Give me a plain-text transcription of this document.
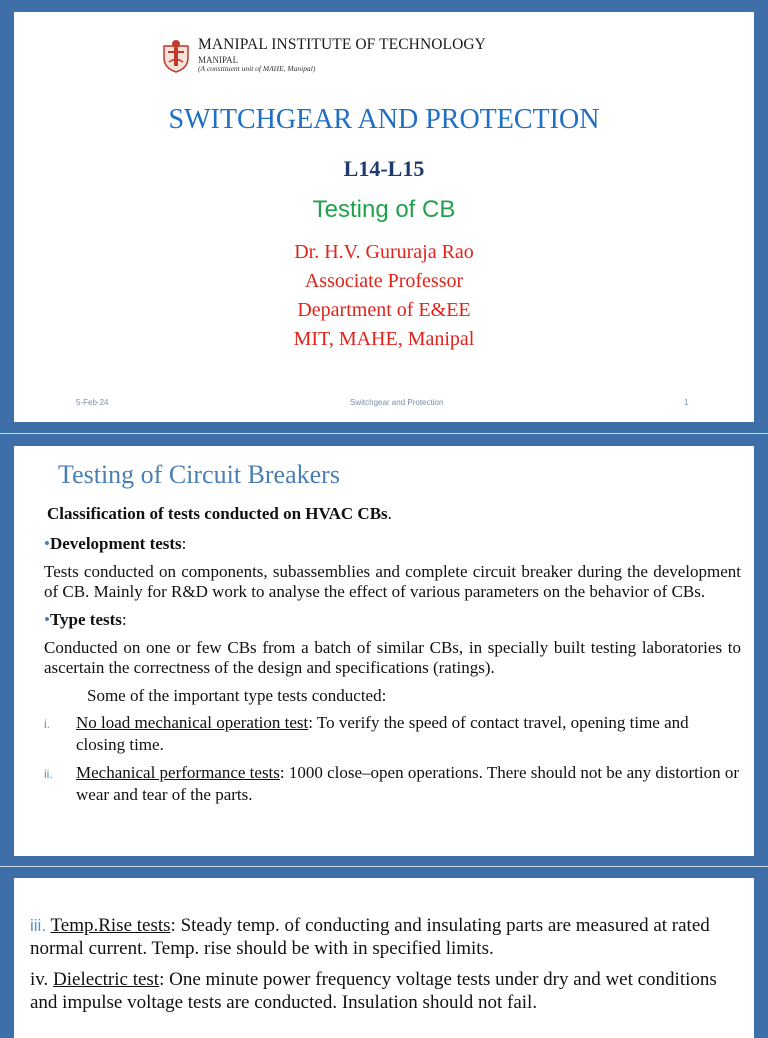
MANIPAL INSTITUTE OF TECHNOLOGY
MANIPAL
(A constituent unit of MAHE, Manipal)
SWITCHGEAR AND PROTECTION
L14-L15
Testing of CB
Dr. H.V. Gururaja Rao
Associate Professor
Department of E&EE
MIT, MAHE, Manipal
5-Feb-24	Switchgear and Protection	1
Testing of Circuit Breakers

Classification of tests conducted on HVAC CBs.

•Development tests:

Tests conducted on components, subassemblies and complete circuit breaker during the development of CB. Mainly for R&D work to analyse the effect of various parameters on the behavior of CBs.

•Type tests:

Conducted on one or few CBs from a batch of similar CBs, in specially built testing laboratories to ascertain the correctness of the design and specifications (ratings).

Some of the important type tests conducted:

i. No load mechanical operation test: To verify the speed of contact travel, opening time and closing time.

ii. Mechanical performance tests: 1000 close–open operations. There should not be any distortion or wear and tear of the parts.

iii. Temp.Rise tests: Steady temp. of conducting and insulating parts are measured at rated normal current. Temp. rise should be with in specified limits.

iv. Dielectric test: One minute power frequency voltage tests under dry and wet conditions and impulse voltage tests are conducted. Insulation should not fail.
